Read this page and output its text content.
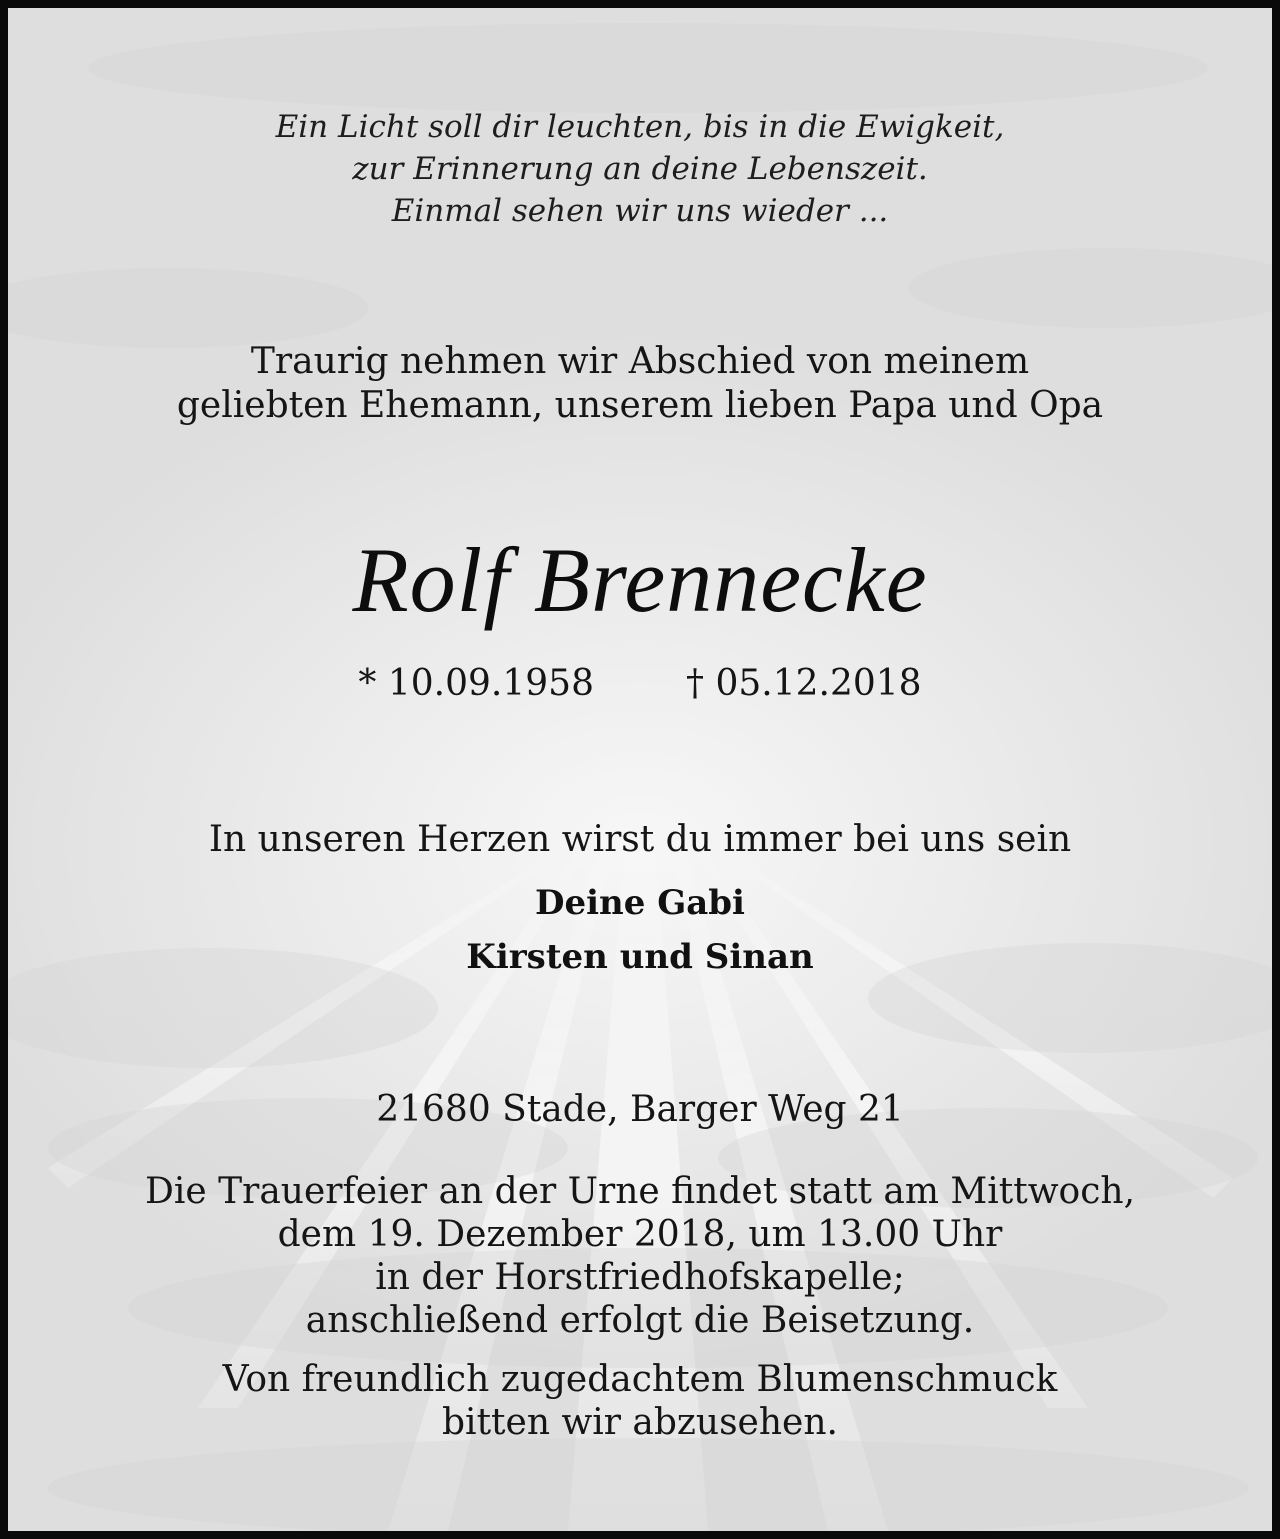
Ein Licht soll dir leuchten, bis in die Ewigkeit,
zur Erinnerung an deine Lebenszeit.
Einmal sehen wir uns wieder ...
Traurig nehmen wir Abschied von meinem
geliebten Ehemann, unserem lieben Papa und Opa
Rolf Brennecke
* 10.09.1958	† 05.12.2018
In unseren Herzen wirst du immer bei uns sein
Deine Gabi
Kirsten und Sinan
21680 Stade, Barger Weg 21
Die Trauerfeier an der Urne findet statt am Mittwoch,
dem 19. Dezember 2018, um 13.00 Uhr
in der Horstfriedhofskapelle;
anschließend erfolgt die Beisetzung.
Von freundlich zugedachtem Blumenschmuck
bitten wir abzusehen.
